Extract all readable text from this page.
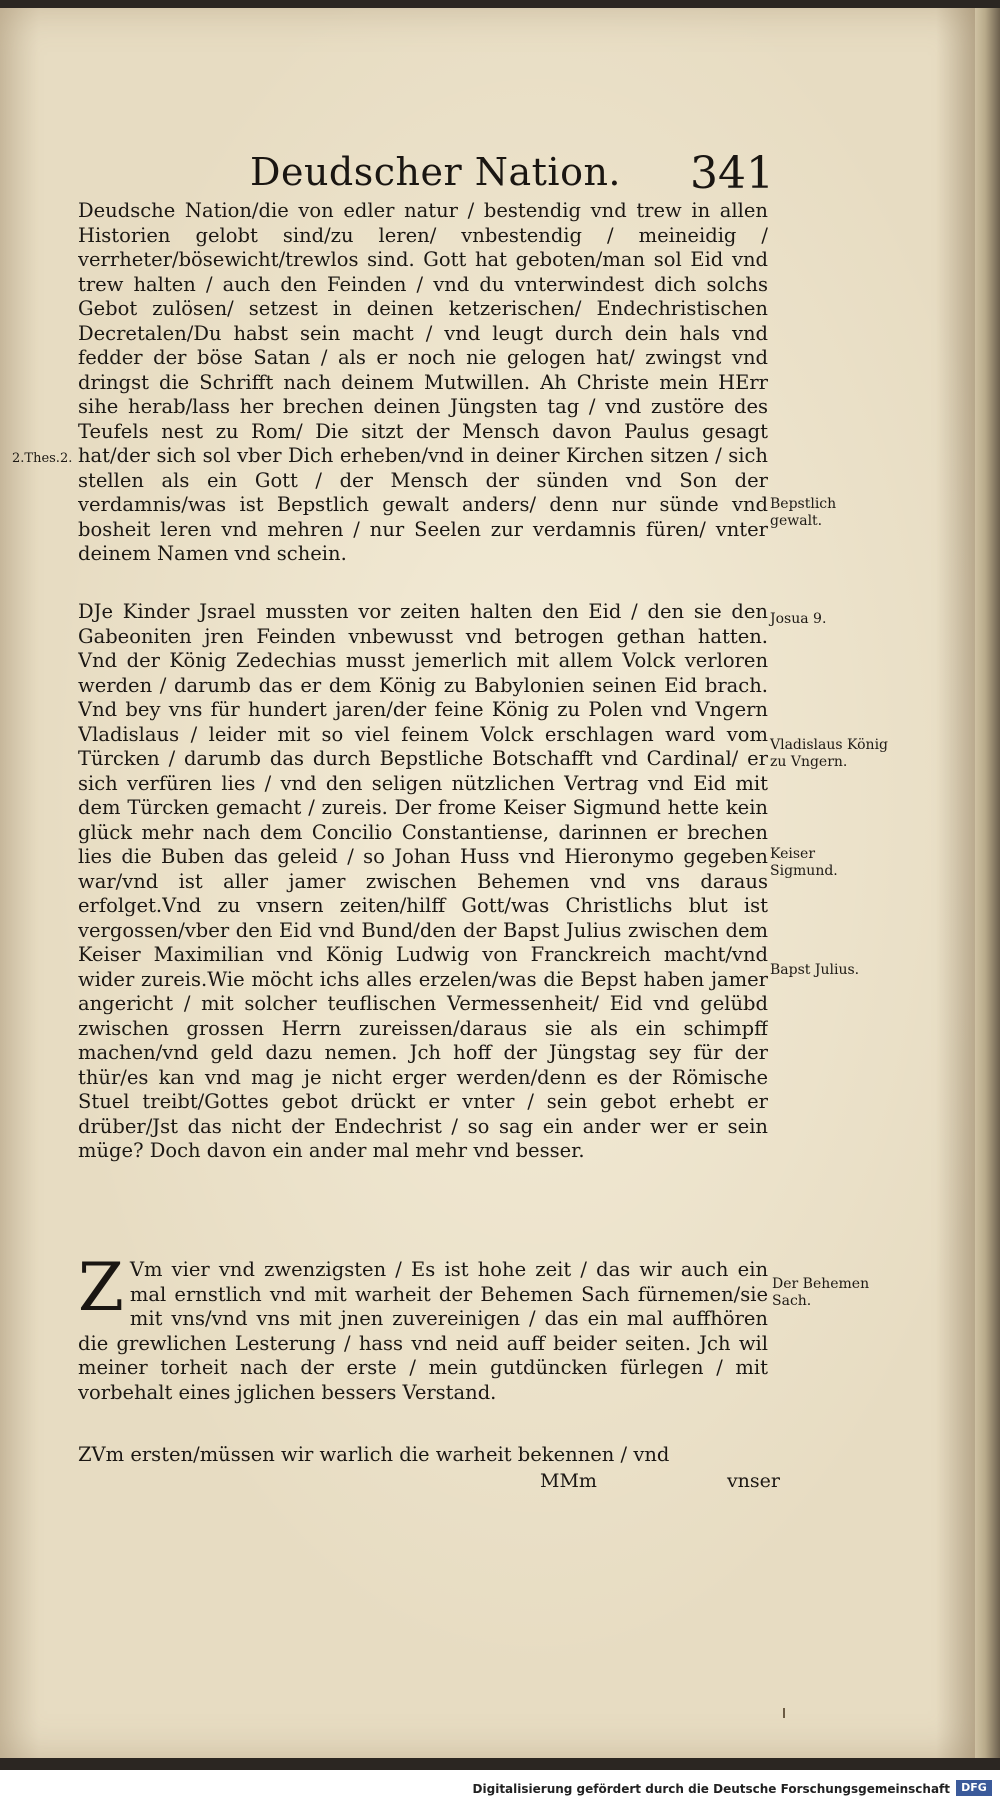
Deudscher Nation. 341
2.Thes.2.

Deudsche Nation/die von edler natur / bestendig vnd trew in allen Historien gelobt sind/zu leren/ vnbestendig / meineidig / verrheter/bösewicht/trewlos sind. Gott hat geboten/man sol Eid vnd trew halten / auch den Feinden / vnd du vnterwindest dich solchs Gebot zulösen/ setzest in deinen ketzerischen/ Endechristischen Decretalen/Du habst sein macht / vnd leugt durch dein hals vnd fedder der böse Satan / als er noch nie gelogen hat/ zwingst vnd dringst die Schrifft nach deinem Mutwillen. Ah Christe mein HErr sihe herab/lass her brechen deinen Jüngsten tag / vnd zustöre des Teufels nest zu Rom/ Die sitzt der Mensch davon Paulus gesagt hat/der sich sol vber Dich erheben/vnd in deiner Kirchen sitzen / sich stellen als ein Gott / der Mensch der sünden vnd Son der verdamnis/was ist Bepstlich gewalt anders/ denn nur sünde vnd bosheit leren vnd mehren / nur Seelen zur verdamnis füren/ vnter deinem Namen vnd schein.

Bepstlich gewalt.

DJe Kinder Jsrael mussten vor zeiten halten den Eid / den sie den Gabeoniten jren Feinden vnbewusst vnd betrogen gethan hatten. Vnd der König Zedechias musst jemerlich mit allem Volck verloren werden / darumb das er dem König zu Babylonien seinen Eid brach. Vnd bey vns für hundert jaren/der feine König zu Polen vnd Vngern Vladislaus / leider mit so viel feinem Volck erschlagen ward vom Türcken / darumb das durch Bepstliche Botschafft vnd Cardinal/ er sich verfüren lies / vnd den seligen nützlichen Vertrag vnd Eid mit dem Türcken gemacht / zureis. Der frome Keiser Sigmund hette kein glück mehr nach dem Concilio Constantiense, darinnen er brechen lies die Buben das geleid / so Johan Huss vnd Hieronymo gegeben war/vnd ist aller jamer zwischen Behemen vnd vns daraus erfolget.Vnd zu vnsern zeiten/hilff Gott/was Christlichs blut ist vergossen/vber den Eid vnd Bund/den der Bapst Julius zwischen dem Keiser Maximilian vnd König Ludwig von Franckreich macht/vnd wider zureis.Wie möcht ichs alles erzelen/was die Bepst haben jamer angericht / mit solcher teuflischen Vermessenheit/ Eid vnd gelübd zwischen grossen Herrn zureissen/daraus sie als ein schimpff machen/vnd geld dazu nemen. Jch hoff der Jüngstag sey für der thür/es kan vnd mag je nicht erger werden/denn es der Römische Stuel treibt/Gottes gebot drückt er vnter / sein gebot erhebt er drüber/Jst das nicht der Endechrist / so sag ein ander wer er sein müge? Doch davon ein ander mal mehr vnd besser.

Josua 9.
Vladislaus König zu Vngern.
Keiser Sigmund.
Bapst Julius.
Z Vm vier vnd zwenzigsten / Es ist hohe zeit / das wir auch ein mal ernstlich vnd mit warheit der Behemen Sach fürnemen/sie mit vns/vnd vns mit jnen zuvereinigen / das ein mal auffhören die grewlichen Lesterung / hass vnd neid auff beider seiten. Jch wil meiner torheit nach der erste / mein gutdüncken fürlegen / mit vorbehalt eines jglichen bessers Verstand.

Der Behemen Sach.

ZVm ersten/müssen wir warlich die warheit bekennen / vnd

MMm	vnser
Digitalisierung gefördert durch die Deutsche Forschungsgemeinschaft	DFG
